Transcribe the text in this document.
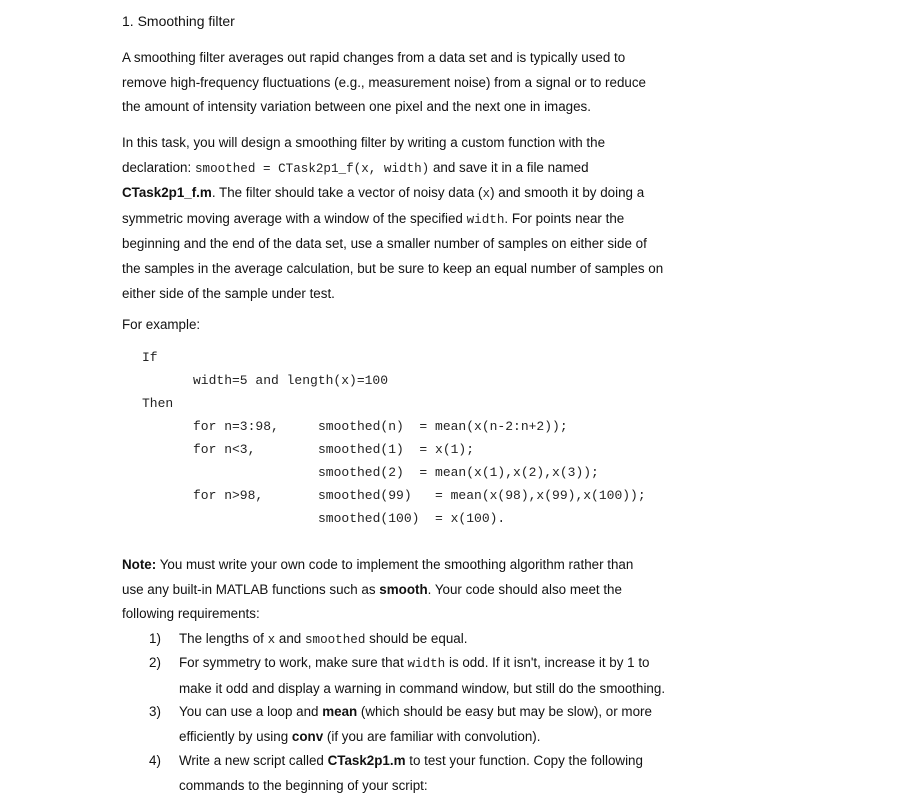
1. Smoothing filter
A smoothing filter averages out rapid changes from a data set and is typically used to
remove high-frequency fluctuations (e.g., measurement noise) from a signal or to reduce
the amount of intensity variation between one pixel and the next one in images.
In this task, you will design a smoothing filter by writing a custom function with the
declaration: smoothed = CTask2p1_f(x, width) and save it in a file named
CTask2p1_f.m. The filter should take a vector of noisy data (x) and smooth it by doing a
symmetric moving average with a window of the specified width. For points near the
beginning and the end of the data set, use a smaller number of samples on either side of
the samples in the average calculation, but be sure to keep an equal number of samples on
either side of the sample under test.
For example:
If
width=5 and length(x)=100
Then
for n=3:98,	smoothed(n)  = mean(x(n-2:n+2));
for n<3,	smoothed(1)  = x(1);
smoothed(2)  = mean(x(1),x(2),x(3));
for n>98,	smoothed(99)   = mean(x(98),x(99),x(100));
smoothed(100)  = x(100).
Note: You must write your own code to implement the smoothing algorithm rather than
use any built-in MATLAB functions such as smooth. Your code should also meet the
following requirements:
1) The lengths of x and smoothed should be equal.
2) For symmetry to work, make sure that width is odd. If it isn't, increase it by 1 to
make it odd and display a warning in command window, but still do the smoothing.
3) You can use a loop and mean (which should be easy but may be slow), or more
efficiently by using conv (if you are familiar with convolution).
4) Write a new script called CTask2p1.m to test your function. Copy the following
commands to the beginning of your script:
